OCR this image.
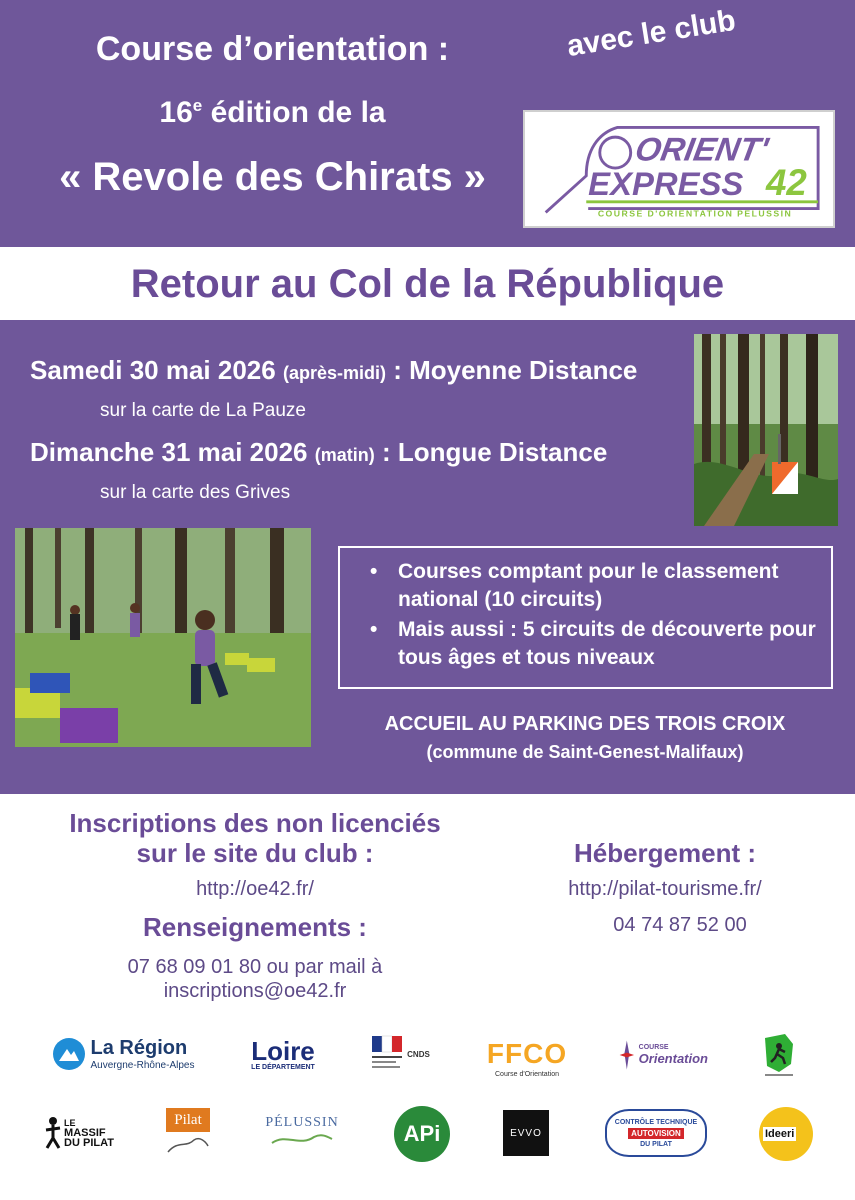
Course d’orientation :
16e édition de la
« Revole des Chirats »
avec le club
ORIENT'
EXPRESS 42
COURSE D'ORIENTATION PELUSSIN
Retour au Col de la République
Samedi 30 mai 2026 (après-midi) : Moyenne Distance
sur la carte de La Pauze
Dimanche 31 mai 2026 (matin) : Longue Distance
sur la carte des Grives
• Courses comptant pour le classement national (10 circuits)
• Mais aussi : 5 circuits de découverte pour tous âges et tous niveaux
ACCUEIL AU PARKING DES TROIS CROIX
(commune de Saint-Genest-Malifaux)
Inscriptions des non licenciés
sur le site du club :
http://oe42.fr/
Renseignements :
07 68 09 01 80 ou par mail à
inscriptions@oe42.fr
Hébergement :
http://pilat-tourisme.fr/
04 74 87 52 00
La Région
Auvergne-Rhône-Alpes Loire
LE DÉPARTEMENT
CNDS FFCO
Course d'Orientation
COURSE
Orientation
LE
MASSIF
DU PILAT
Pilat	PÉLUSSIN	APi	EVVO
CONTRÔLE TECHNIQUE
AUTOVISION
DU PILAT
Ideeri
